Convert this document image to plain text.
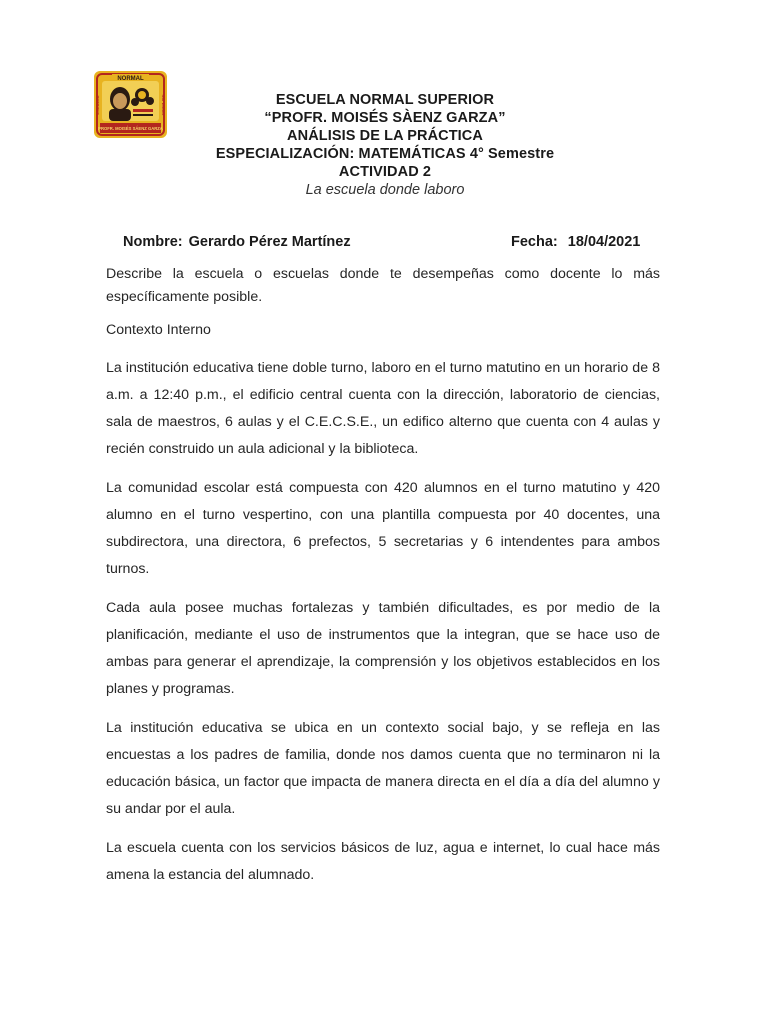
NORMAL
PROFR. MOISÉS SÁENZ GARZA
ESCUELA	SUPERIOR	ESCUELA NORMAL SUPERIOR
“PROFR. MOISÉS SÀENZ GARZA”
ANÁLISIS DE LA PRÁCTICA
ESPECIALIZACIÓN: MATEMÁTICAS 4° Semestre
ACTIVIDAD 2
La escuela donde laboro
Nombre: Gerardo Pérez Martínez	Fecha: 18/04/2021

Describe la escuela o escuelas donde te desempeñas como docente lo más específicamente posible.

Contexto Interno

La institución educativa tiene doble turno, laboro en el turno matutino en un horario de 8 a.m. a 12:40 p.m., el edificio central cuenta con la dirección, laboratorio de ciencias, sala de maestros, 6 aulas y el C.E.C.S.E., un edifico alterno que cuenta con 4 aulas y recién construido un aula adicional y la biblioteca.

La comunidad escolar está compuesta con 420 alumnos en el turno matutino y 420 alumno en el turno vespertino, con una plantilla compuesta por 40 docentes, una subdirectora, una directora, 6 prefectos, 5 secretarias y 6 intendentes para ambos turnos.

Cada aula posee muchas fortalezas y también dificultades, es por medio de la planificación, mediante el uso de instrumentos que la integran, que se hace uso de ambas para generar el aprendizaje, la comprensión y los objetivos establecidos en los planes y programas.

La institución educativa se ubica en un contexto social bajo, y se refleja en las encuestas a los padres de familia, donde nos damos cuenta que no terminaron ni la educación básica, un factor que impacta de manera directa en el día a día del alumno y su andar por el aula.

La escuela cuenta con los servicios básicos de luz, agua e internet, lo cual hace más amena la estancia del alumnado.
